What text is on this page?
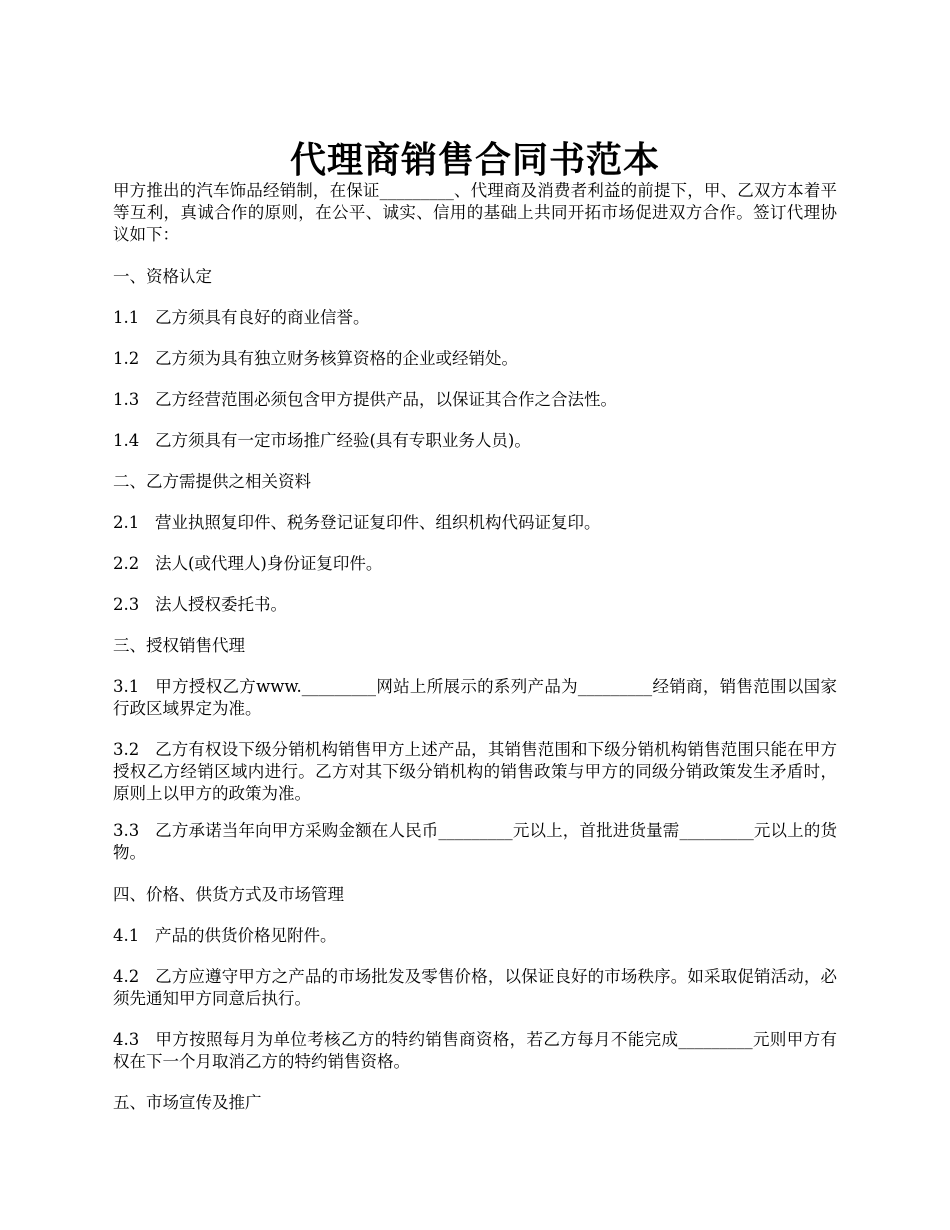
代理商销售合同书范本

甲方推出的汽车饰品经销制，在保证_________、代理商及消费者利益的前提下，甲、乙双方本着平等互利，真诚合作的原则，在公平、诚实、信用的基础上共同开拓市场促进双方合作。签订代理协议如下：

一、资格认定

1.1 乙方须具有良好的商业信誉。

1.2 乙方须为具有独立财务核算资格的企业或经销处。

1.3 乙方经营范围必须包含甲方提供产品，以保证其合作之合法性。

1.4 乙方须具有一定市场推广经验(具有专职业务人员)。

二、乙方需提供之相关资料

2.1 营业执照复印件、税务登记证复印件、组织机构代码证复印。

2.2 法人(或代理人)身份证复印件。

2.3 法人授权委托书。

三、授权销售代理

3.1 甲方授权乙方www._________网站上所展示的系列产品为_________经销商，销售范围以国家行政区域界定为准。

3.2 乙方有权设下级分销机构销售甲方上述产品，其销售范围和下级分销机构销售范围只能在甲方授权乙方经销区域内进行。乙方对其下级分销机构的销售政策与甲方的同级分销政策发生矛盾时，原则上以甲方的政策为准。

3.3 乙方承诺当年向甲方采购金额在人民币_________元以上，首批进货量需_________元以上的货物。

四、价格、供货方式及市场管理

4.1 产品的供货价格见附件。

4.2 乙方应遵守甲方之产品的市场批发及零售价格，以保证良好的市场秩序。如采取促销活动，必须先通知甲方同意后执行。

4.3 甲方按照每月为单位考核乙方的特约销售商资格，若乙方每月不能完成_________元则甲方有权在下一个月取消乙方的特约销售资格。

五、市场宣传及推广
